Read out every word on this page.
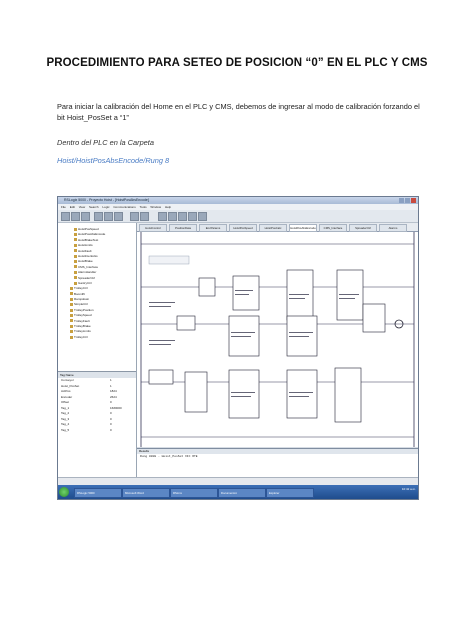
PROCEDIMIENTO PARA SETEO DE POSICION “0” EN EL PLC Y CMS
Para iniciar la calibración del Home en el PLC y CMS, debemos de ingresar al modo de calibración forzando el bit Hoist_PosSet a “1”
Dentro del PLC en la Carpeta
Hoist/HoistPosAbsEncode/Rung 8
RSLogix 5000 - Proyecto Hoist - [HoistPosAbsEncode]
File Edit View Search Logic Communications Tools Window Help
HoistPosSpeed
HoistPosAbsEncode
HoistBrakeTest
HoistLimits
HoistFault
HoistInterlocks
HoistBrake
CMS_Interface
AlarmHandler
SpreaderCtrl
GantryCtrl
TrolleyCtrl
Boomlift
Rampdown
SimpleCtrl
TrolleyPosition
TrolleySpeed
TrolleyFault
TrolleyBrake
TrolleyLimits
TrolleyCtrl
Tag Name
Conveyor	1
Hoist_PosSet	1
ActPos	1824
Encoder	2624
Offset	0
Tag_1	16#0000
Tag_2	0
Tag_3	0
Tag_4	0
Tag_5	0
HoistControl	PositionData	EnvParams	HoistPosSpeed	HoistPosCalc	HoistPosAbsEncode	CMS_Interface	SpreaderCtrl	Alarms
Results
Rung 0008 - Hoist_PosSet XIC OTE
RSLogix 5000	Microsoft Word	RSLinx	Documento1	Explorer
10:42 a.m.
